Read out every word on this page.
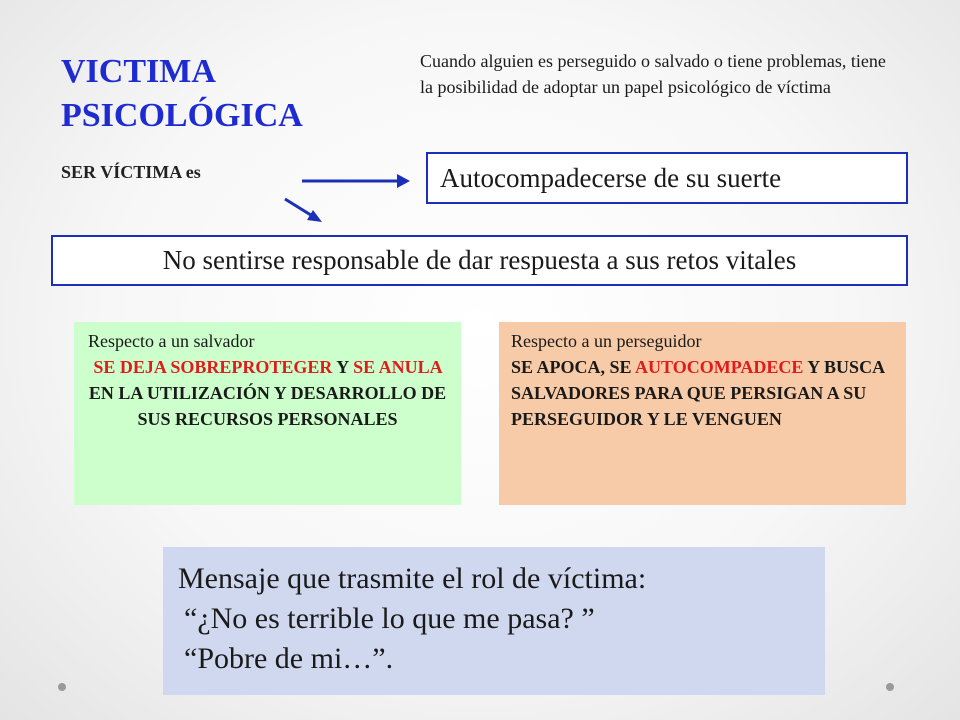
VICTIMA
PSICOLÓGICA

Cuando alguien es perseguido o salvado o tiene problemas, tiene la posibilidad de adoptar un papel psicológico de víctima

SER VÍCTIMA es	Autocompadecerse de su suerte
No sentirse responsable de dar respuesta a sus retos vitales
Respecto a un salvador
SE DEJA SOBREPROTEGER Y SE ANULA EN LA UTILIZACIÓN Y DESARROLLO DE SUS RECURSOS PERSONALES
Respecto a un perseguidor
SE APOCA, SE AUTOCOMPADECE Y BUSCA SALVADORES PARA QUE PERSIGAN A SU PERSEGUIDOR Y LE VENGUEN
Mensaje que trasmite el rol de víctima:
“¿No es terrible lo que me pasa? ”
“Pobre de mi…”.
